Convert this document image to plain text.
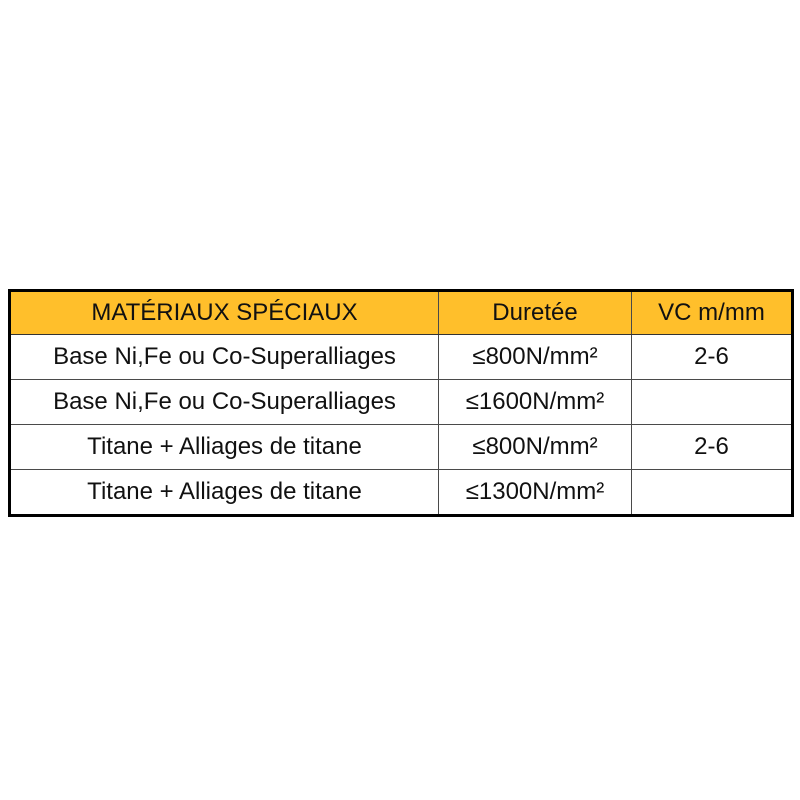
MATÉRIAUX SPÉCIAUX	Duretée	VC m/mm
Base Ni,Fe ou Co-Superalliages	≤800N/mm²	2-6
Base Ni,Fe ou Co-Superalliages	≤1600N/mm²	
Titane + Alliages de titane	≤800N/mm²	2-6
Titane + Alliages de titane	≤1300N/mm²	
